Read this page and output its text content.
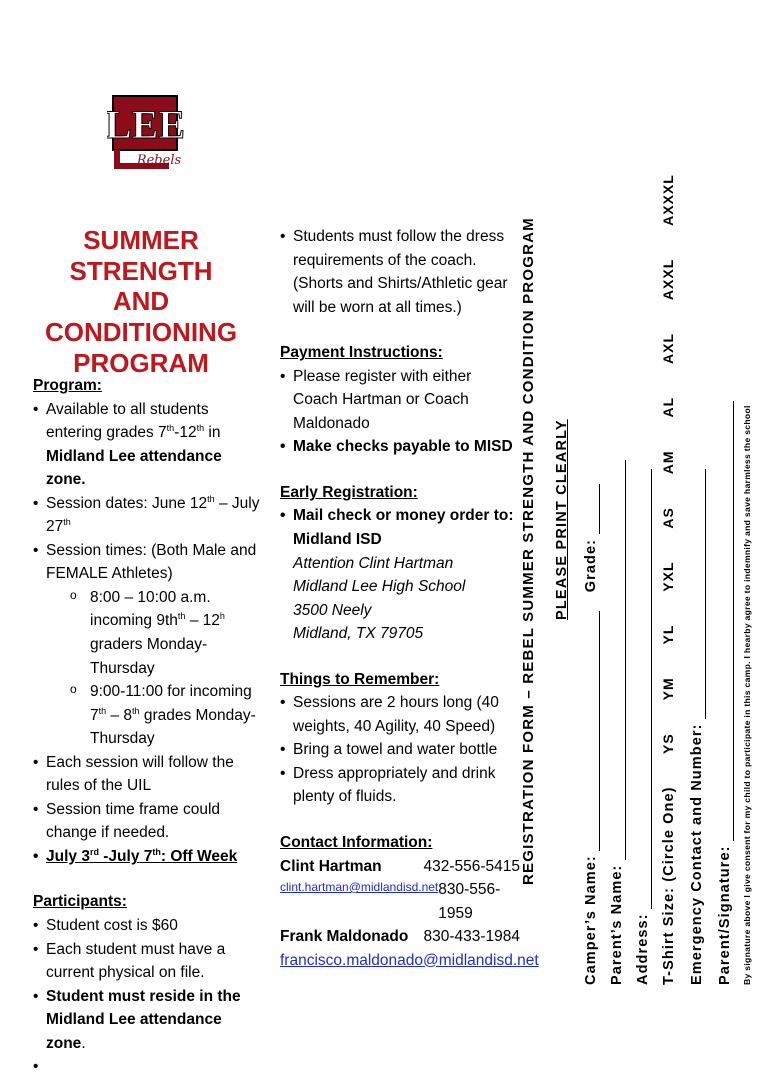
LEE
Rebels
SUMMER STRENGTH
AND CONDITIONING
PROGRAM
Program:
• Available to all students entering grades 7th-12th in Midland Lee attendance zone.
• Session dates: June 12th – July 27th
• Session times: (Both Male and FEMALE Athletes)
o 8:00 – 10:00 a.m. incoming $9th^{th} - 12^h$ graders Monday-Thursday
o 9:00-11:00 for incoming 7th – 8th grades Monday-Thursday
• Each session will follow the rules of the UIL
• Session time frame could change if needed.
• July 3rd -July 7th: Off Week
Participants:
• Student cost is $60
• Each student must have a current physical on file.
• Student must reside in the Midland Lee attendance zone.
•
• Students must follow the dress requirements of the coach. (Shorts and Shirts/Athletic gear will be worn at all times.)
Payment Instructions:
• Please register with either Coach Hartman or Coach Maldonado
• Make checks payable to MISD
Early Registration:
• Mail check or money order to:
Midland ISD
Attention Clint Hartman
Midland Lee High School
3500 Neely
Midland, TX 79705
Things to Remember:
• Sessions are 2 hours long (40 weights, 40 Agility, 40 Speed)
• Bring a towel and water bottle
• Dress appropriately and drink plenty of fluids.
Contact Information:
Clint Hartman	432-556-5415
clint.hartman@midlandisd.net 830-556-1959
Frank Maldonado 830-433-1984
francisco.maldonado@midlandisd.net
REGISTRATION FORM – REBEL SUMMER STRENGTH AND CONDITION PROGRAM PLEASE PRINT CLEARLY
Camper’s Name:  Grade:
Parent’s Name: Address: T-Shirt Size: (Circle One) YS YM YL YXL AS AM AL AXL AXXL AXXXL
Emergency Contact and Number: Parent/Signature: By signature above I give consent for my child to participate in this camp. I hearby agree to indemnify and save harmless the school
